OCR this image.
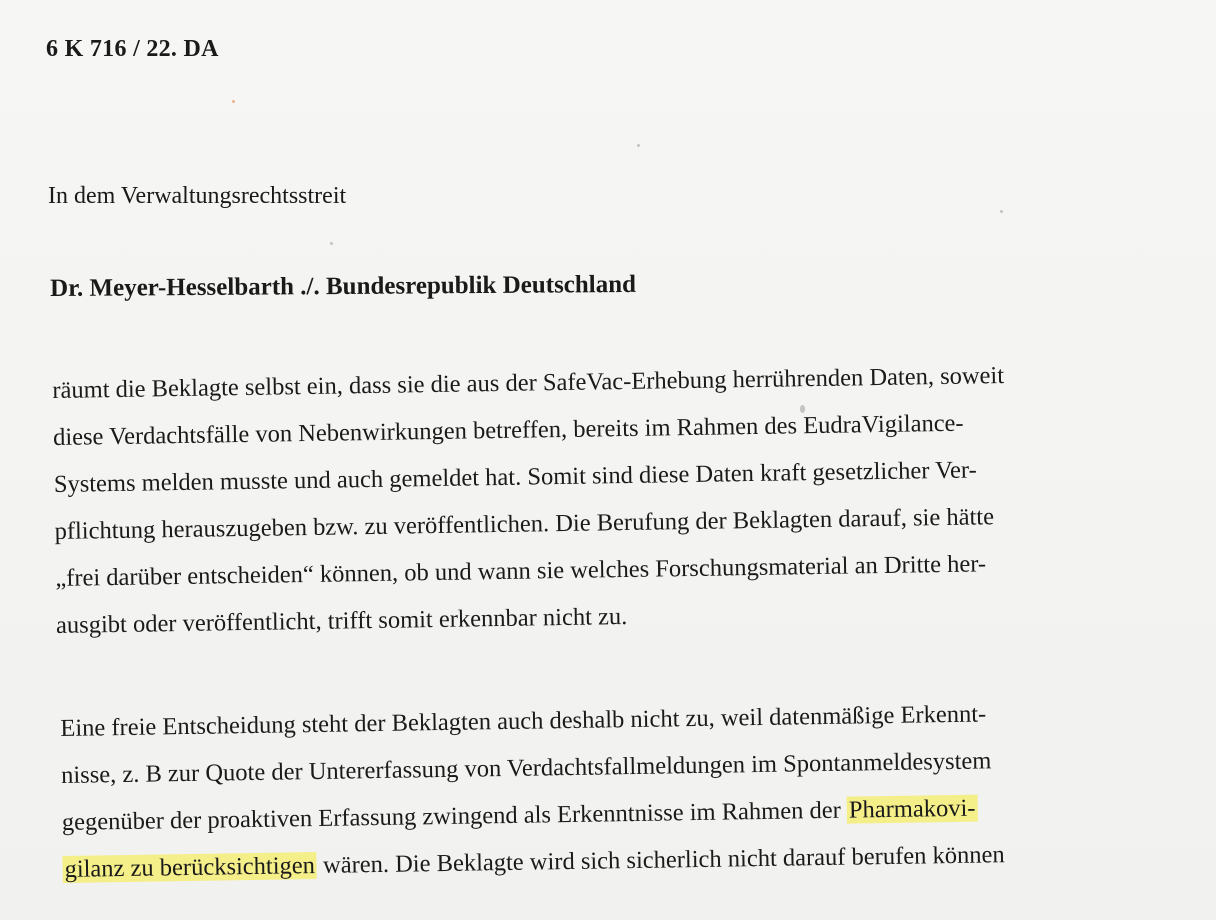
6 K 716 / 22. DA
In dem Verwaltungsrechtsstreit
Dr. Meyer-Hesselbarth ./. Bundesrepublik Deutschland
räumt die Beklagte selbst ein, dass sie die aus der SafeVac-Erhebung herrührenden Daten, soweit
diese Verdachtsfälle von Nebenwirkungen betreffen, bereits im Rahmen des EudraVigilance-
Systems melden musste und auch gemeldet hat. Somit sind diese Daten kraft gesetzlicher Ver-
pflichtung herauszugeben bzw. zu veröffentlichen. Die Berufung der Beklagten darauf, sie hätte
„frei darüber entscheiden“ können, ob und wann sie welches Forschungsmaterial an Dritte her-
ausgibt oder veröffentlicht, trifft somit erkennbar nicht zu.
Eine freie Entscheidung steht der Beklagten auch deshalb nicht zu, weil datenmäßige Erkennt-
nisse, z. B zur Quote der Untererfassung von Verdachtsfallmeldungen im Spontanmeldesystem
gegenüber der proaktiven Erfassung zwingend als Erkenntnisse im Rahmen der Pharmakovi-
gilanz zu berücksichtigen wären. Die Beklagte wird sich sicherlich nicht darauf berufen können
